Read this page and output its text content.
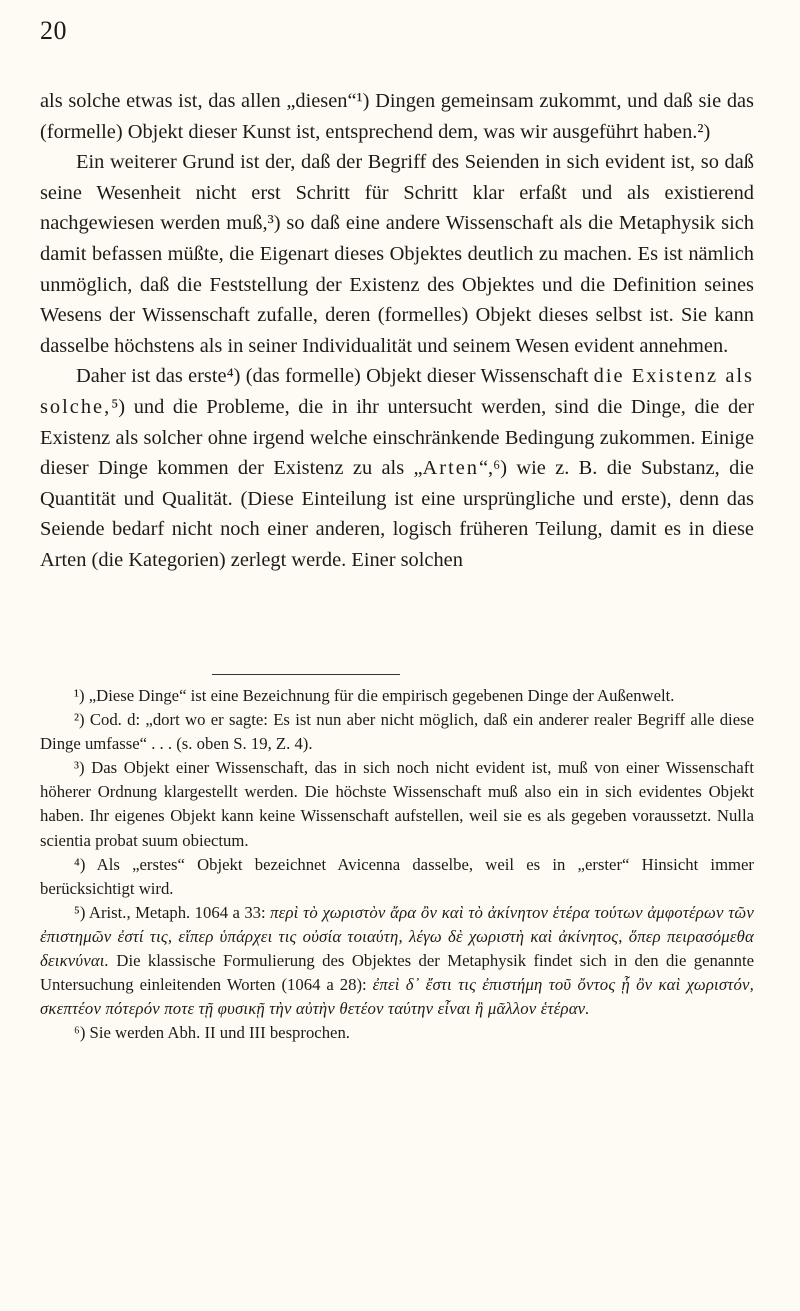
20

als solche etwas ist, das allen „diesen“¹) Dingen gemeinsam zukommt, und daß sie das (formelle) Objekt dieser Kunst ist, entsprechend dem, was wir ausgeführt haben.²)

Ein weiterer Grund ist der, daß der Begriff des Seienden in sich evident ist, so daß seine Wesenheit nicht erst Schritt für Schritt klar erfaßt und als existierend nachgewiesen werden muß,³) so daß eine andere Wissenschaft als die Metaphysik sich damit befassen müßte, die Eigenart dieses Objektes deutlich zu machen. Es ist nämlich unmöglich, daß die Feststellung der Existenz des Objektes und die Definition seines Wesens der Wissenschaft zufalle, deren (formelles) Objekt dieses selbst ist. Sie kann dasselbe höchstens als in seiner Individualität und seinem Wesen evident annehmen.

Daher ist das erste⁴) (das formelle) Objekt dieser Wissenschaft die Existenz als solche,⁵) und die Probleme, die in ihr untersucht werden, sind die Dinge, die der Existenz als solcher ohne irgend welche einschränkende Bedingung zukommen. Einige dieser Dinge kommen der Existenz zu als „Arten“,⁶) wie z. B. die Substanz, die Quantität und Qualität. (Diese Einteilung ist eine ursprüngliche und erste), denn das Seiende bedarf nicht noch einer anderen, logisch früheren Teilung, damit es in diese Arten (die Kategorien) zerlegt werde. Einer solchen

¹) „Diese Dinge“ ist eine Bezeichnung für die empirisch gegebenen Dinge der Außenwelt.

²) Cod. d: „dort wo er sagte: Es ist nun aber nicht möglich, daß ein anderer realer Begriff alle diese Dinge umfasse“ . . . (s. oben S. 19, Z. 4).

³) Das Objekt einer Wissenschaft, das in sich noch nicht evident ist, muß von einer Wissenschaft höherer Ordnung klargestellt werden. Die höchste Wissenschaft muß also ein in sich evidentes Objekt haben. Ihr eigenes Objekt kann keine Wissenschaft aufstellen, weil sie es als gegeben voraussetzt. Nulla scientia probat suum obiectum.

⁴) Als „erstes“ Objekt bezeichnet Avicenna dasselbe, weil es in „erster“ Hinsicht immer berücksichtigt wird.

⁵) Arist., Metaph. 1064 a 33: περὶ τὸ χωριστὸν ἄρα ὂν καὶ τὸ ἀκίνητον ἑτέρα τούτων ἀμφοτέρων τῶν ἐπιστημῶν ἐστί τις, εἴπερ ὑπάρχει τις οὐσία τοιαύτη, λέγω δὲ χωριστὴ καὶ ἀκίνητος, ὅπερ πειρασόμεθα δεικνύναι. Die klassische Formulierung des Objektes der Metaphysik findet sich in den die genannte Untersuchung einleitenden Worten (1064 a 28): ἐπεὶ δ᾽ ἔστι τις ἐπιστήμη τοῦ ὄντος ᾗ ὂν καὶ χωριστόν, σκεπτέον πότερόν ποτε τῇ φυσικῇ τὴν αὐτὴν θετέον ταύτην εἶναι ἢ μᾶλλον ἑτέραν.

⁶) Sie werden Abh. II und III besprochen.
